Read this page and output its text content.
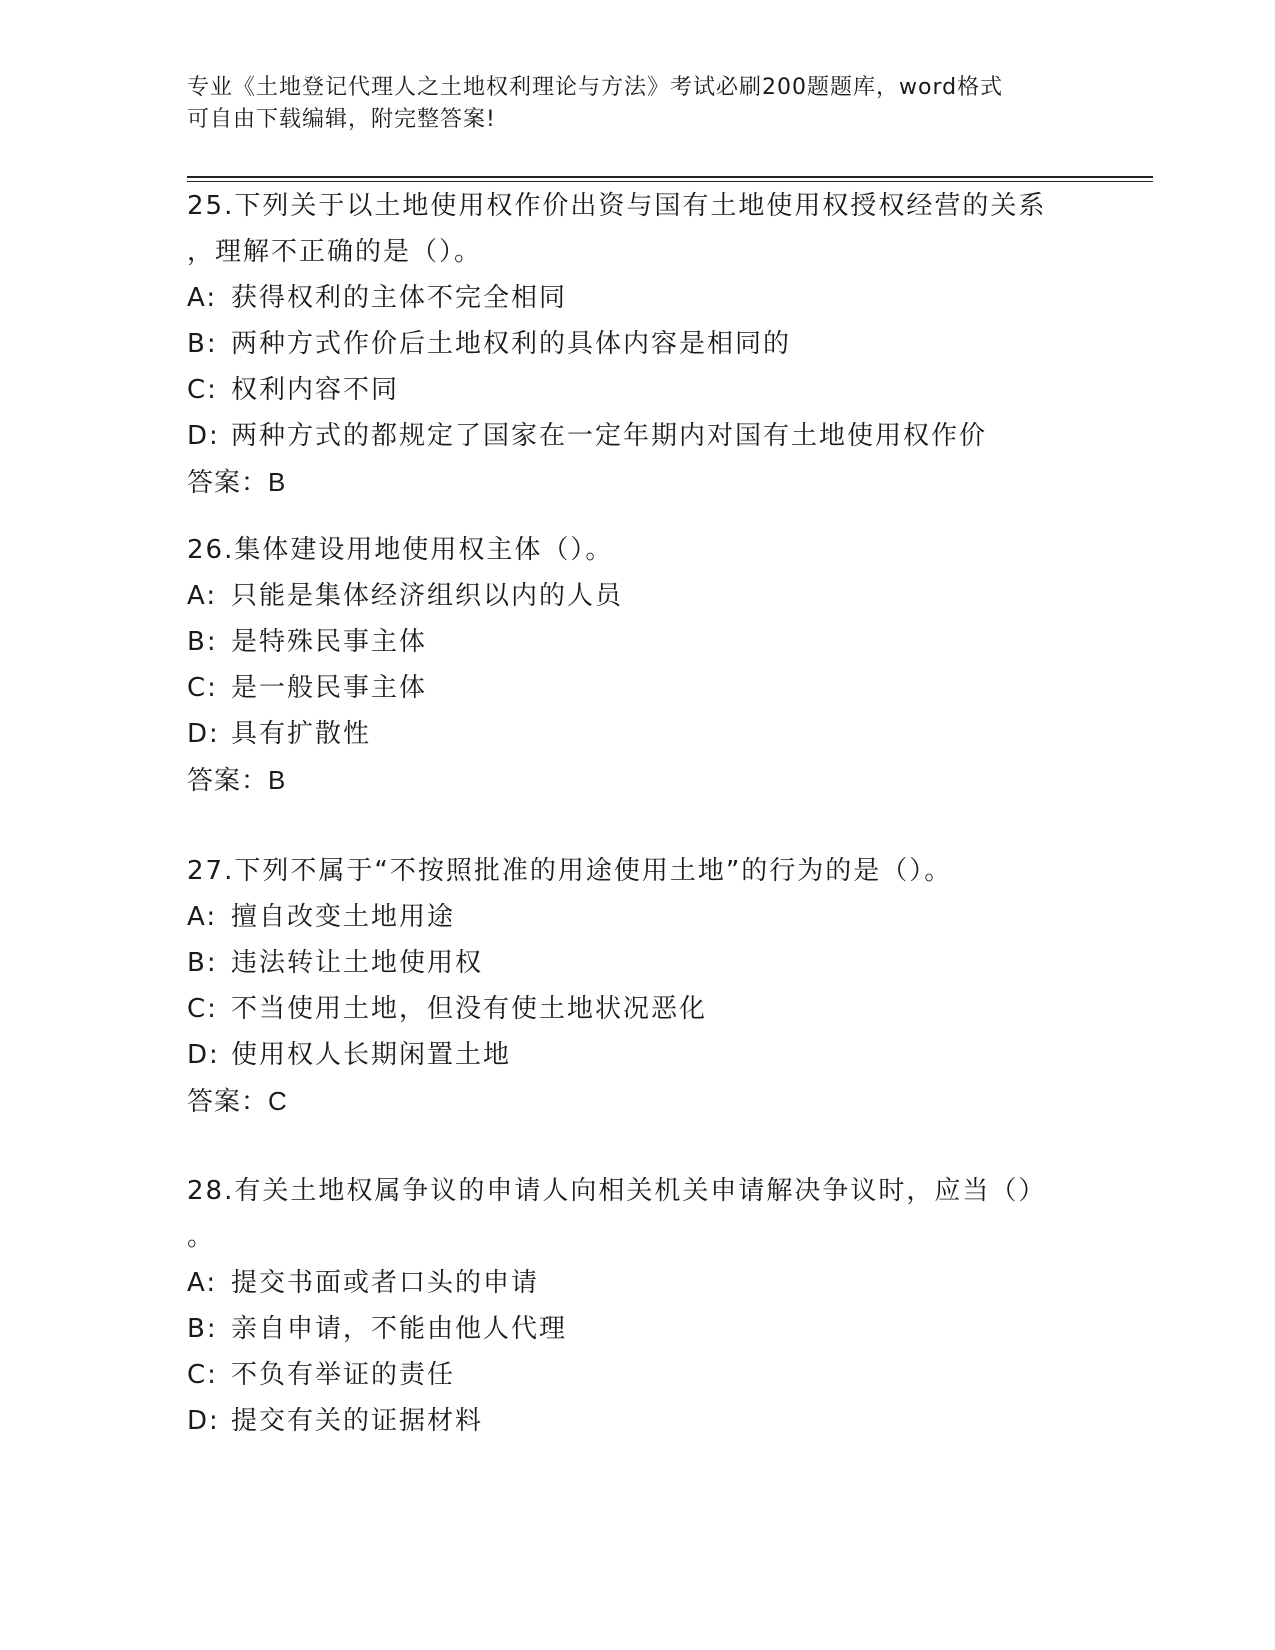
专业《土地登记代理人之土地权利理论与方法》考试必刷200题题库，word格式
可自由下载编辑，附完整答案!
25.下列关于以土地使用权作价出资与国有土地使用权授权经营的关系
，理解不正确的是（）。
A: 获得权利的主体不完全相同
B: 两种方式作价后土地权利的具体内容是相同的
C: 权利内容不同
D: 两种方式的都规定了国家在一定年期内对国有土地使用权作价
答案：B
26.集体建设用地使用权主体（）。
A: 只能是集体经济组织以内的人员
B: 是特殊民事主体
C: 是一般民事主体
D: 具有扩散性
答案：B
27.下列不属于“不按照批准的用途使用土地”的行为的是（）。
A: 擅自改变土地用途
B: 违法转让土地使用权
C: 不当使用土地，但没有使土地状况恶化
D: 使用权人长期闲置土地
答案：C
28.有关土地权属争议的申请人向相关机关申请解决争议时，应当（）
。
A: 提交书面或者口头的申请
B: 亲自申请，不能由他人代理
C: 不负有举证的责任
D: 提交有关的证据材料
